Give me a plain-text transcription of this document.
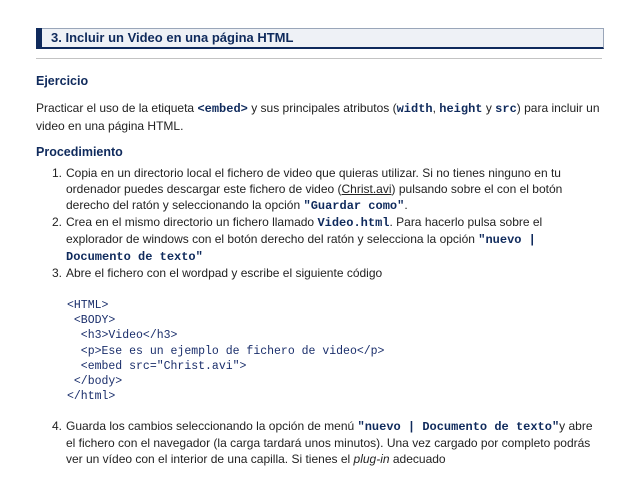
3. Incluir un Video en una página HTML
Ejercicio
Practicar el uso de la etiqueta <embed> y sus principales atributos (width, height y src) para incluir un video en una página HTML.
Procedimiento
1. Copia en un directorio local el fichero de video que quieras utilizar. Si no tienes ninguno en tu ordenador puedes descargar este fichero de video (Christ.avi) pulsando sobre el con el botón derecho del ratón y seleccionando la opción "Guardar como".
2. Crea en el mismo directorio un fichero llamado Video.html. Para hacerlo pulsa sobre el explorador de windows con el botón derecho del ratón y selecciona la opción "nuevo | Documento de texto"
3. Abre el fichero con el wordpad y escribe el siguiente código
<HTML>
<BODY>
<h3>Video</h3>
<p>Ese es un ejemplo de fichero de video</p>
<embed src="Christ.avi">
</body>
</html>
4. Guarda los cambios seleccionando la opción de menú "nuevo | Documento de texto"y abre el fichero con el navegador (la carga tardará unos minutos). Una vez cargado por completo podrás ver un vídeo con el interior de una capilla. Si tienes el plug-in adecuado
